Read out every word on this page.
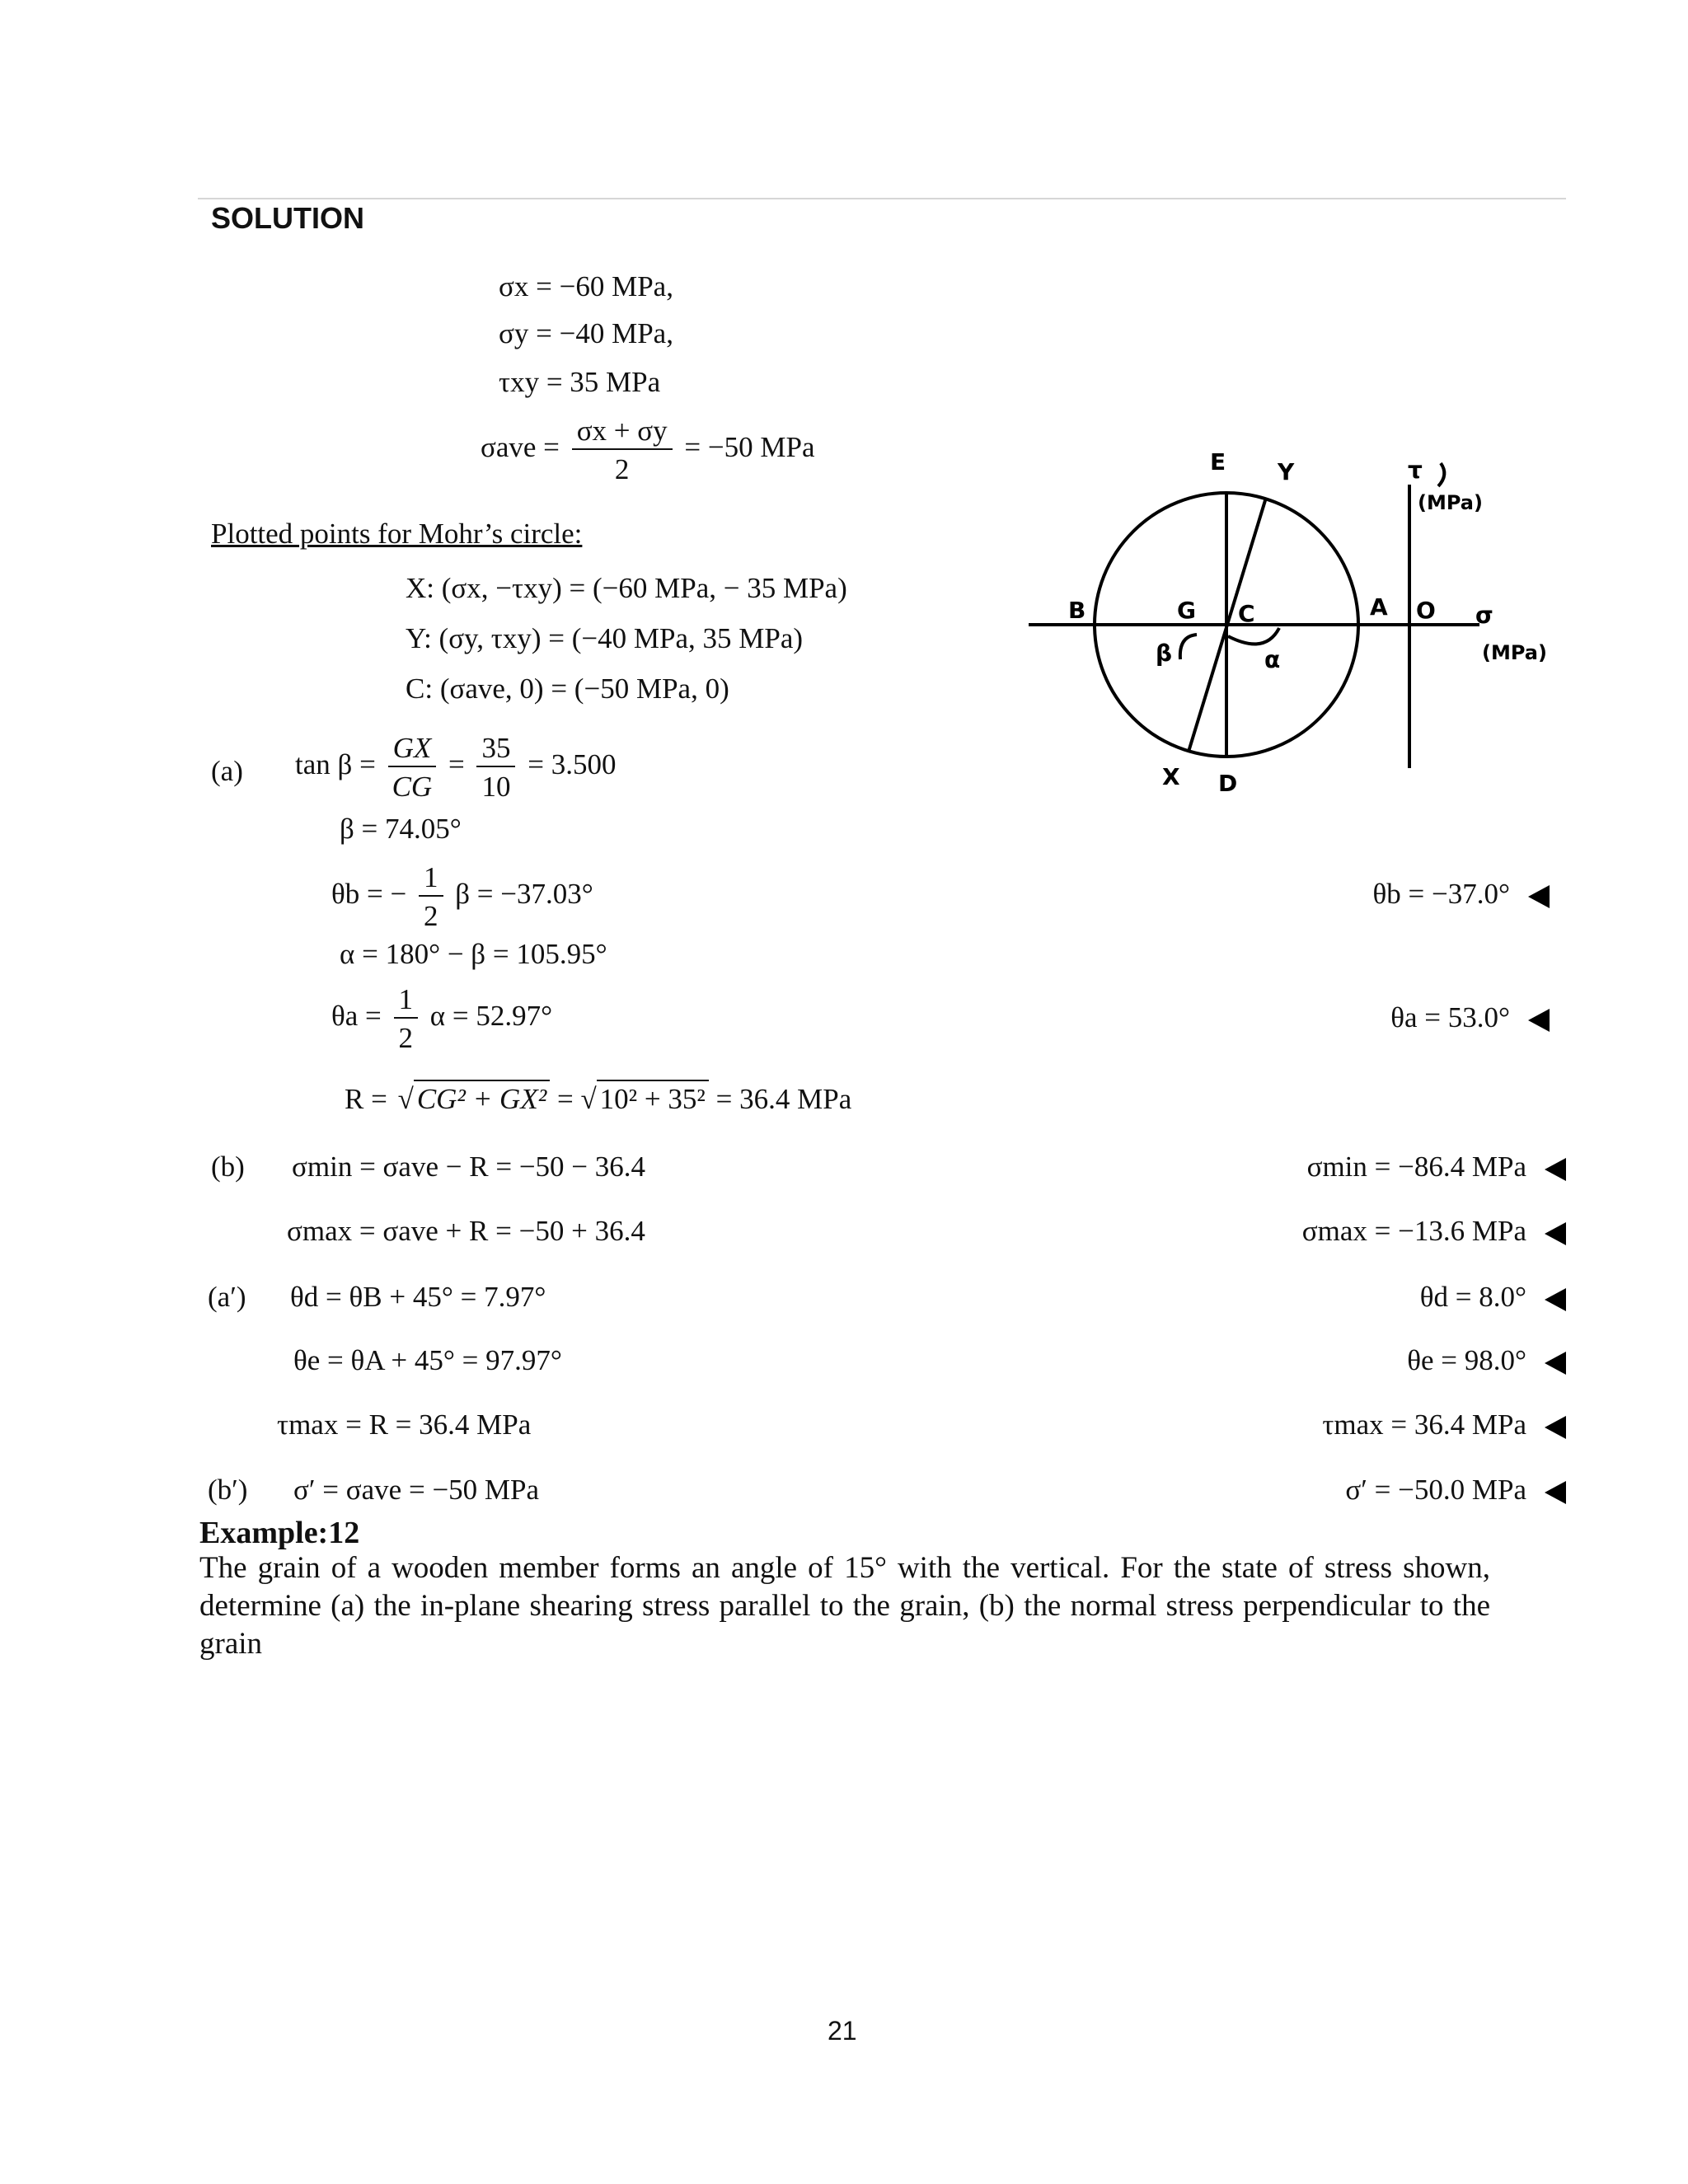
SOLUTION
σx = −60 MPa,
σy = −40 MPa,
τxy = 35 MPa
$\sigma ave = \frac{\sigma x + \sigma y}{2} = -50$ MPa
Plotted points for Mohr’s circle:
X: (σx, −τxy) = (−60 MPa, − 35 MPa)
Y: (σy, τxy) = (−40 MPa, 35 MPa)
C: (σave, 0) = (−50 MPa, 0)
(a) $\tan \beta = \frac{GX}{CG} = \frac{35}{10} = 3.500$
β = 74.05°
θb = − $\frac{1}{2}$ β = −37.03°	θb = −37.0°
α = 180° − β = 105.95°
$\theta a = \frac{1}{2}$ α = 52.97°	θa = 53.0°
R = √ CG² + GX² = √ 10² + 35² = 36.4 MPa
(b) σmin = σave − R = −50 − 36.4	σmin = −86.4 MPa
σmax = σave + R = −50 + 36.4	σmax = −13.6 MPa
(a′) θd = θB + 45° = 7.97°	θd = 8.0°
θe = θA + 45° = 97.97°	θe = 98.0°
τmax = R = 36.4 MPa	τmax = 36.4 MPa
(b′) σ′ = σave = −50 MPa	σ′ = −50.0 MPa
E Y	τ
(MPa)
B	G C	A O σ
(MPa)
β	α
X D
Example:12
The grain of a wooden member forms an angle of 15° with the vertical. For the state of stress shown, determine (a) the in-plane shearing stress parallel to the grain, (b) the normal stress perpendicular to the grain
21
